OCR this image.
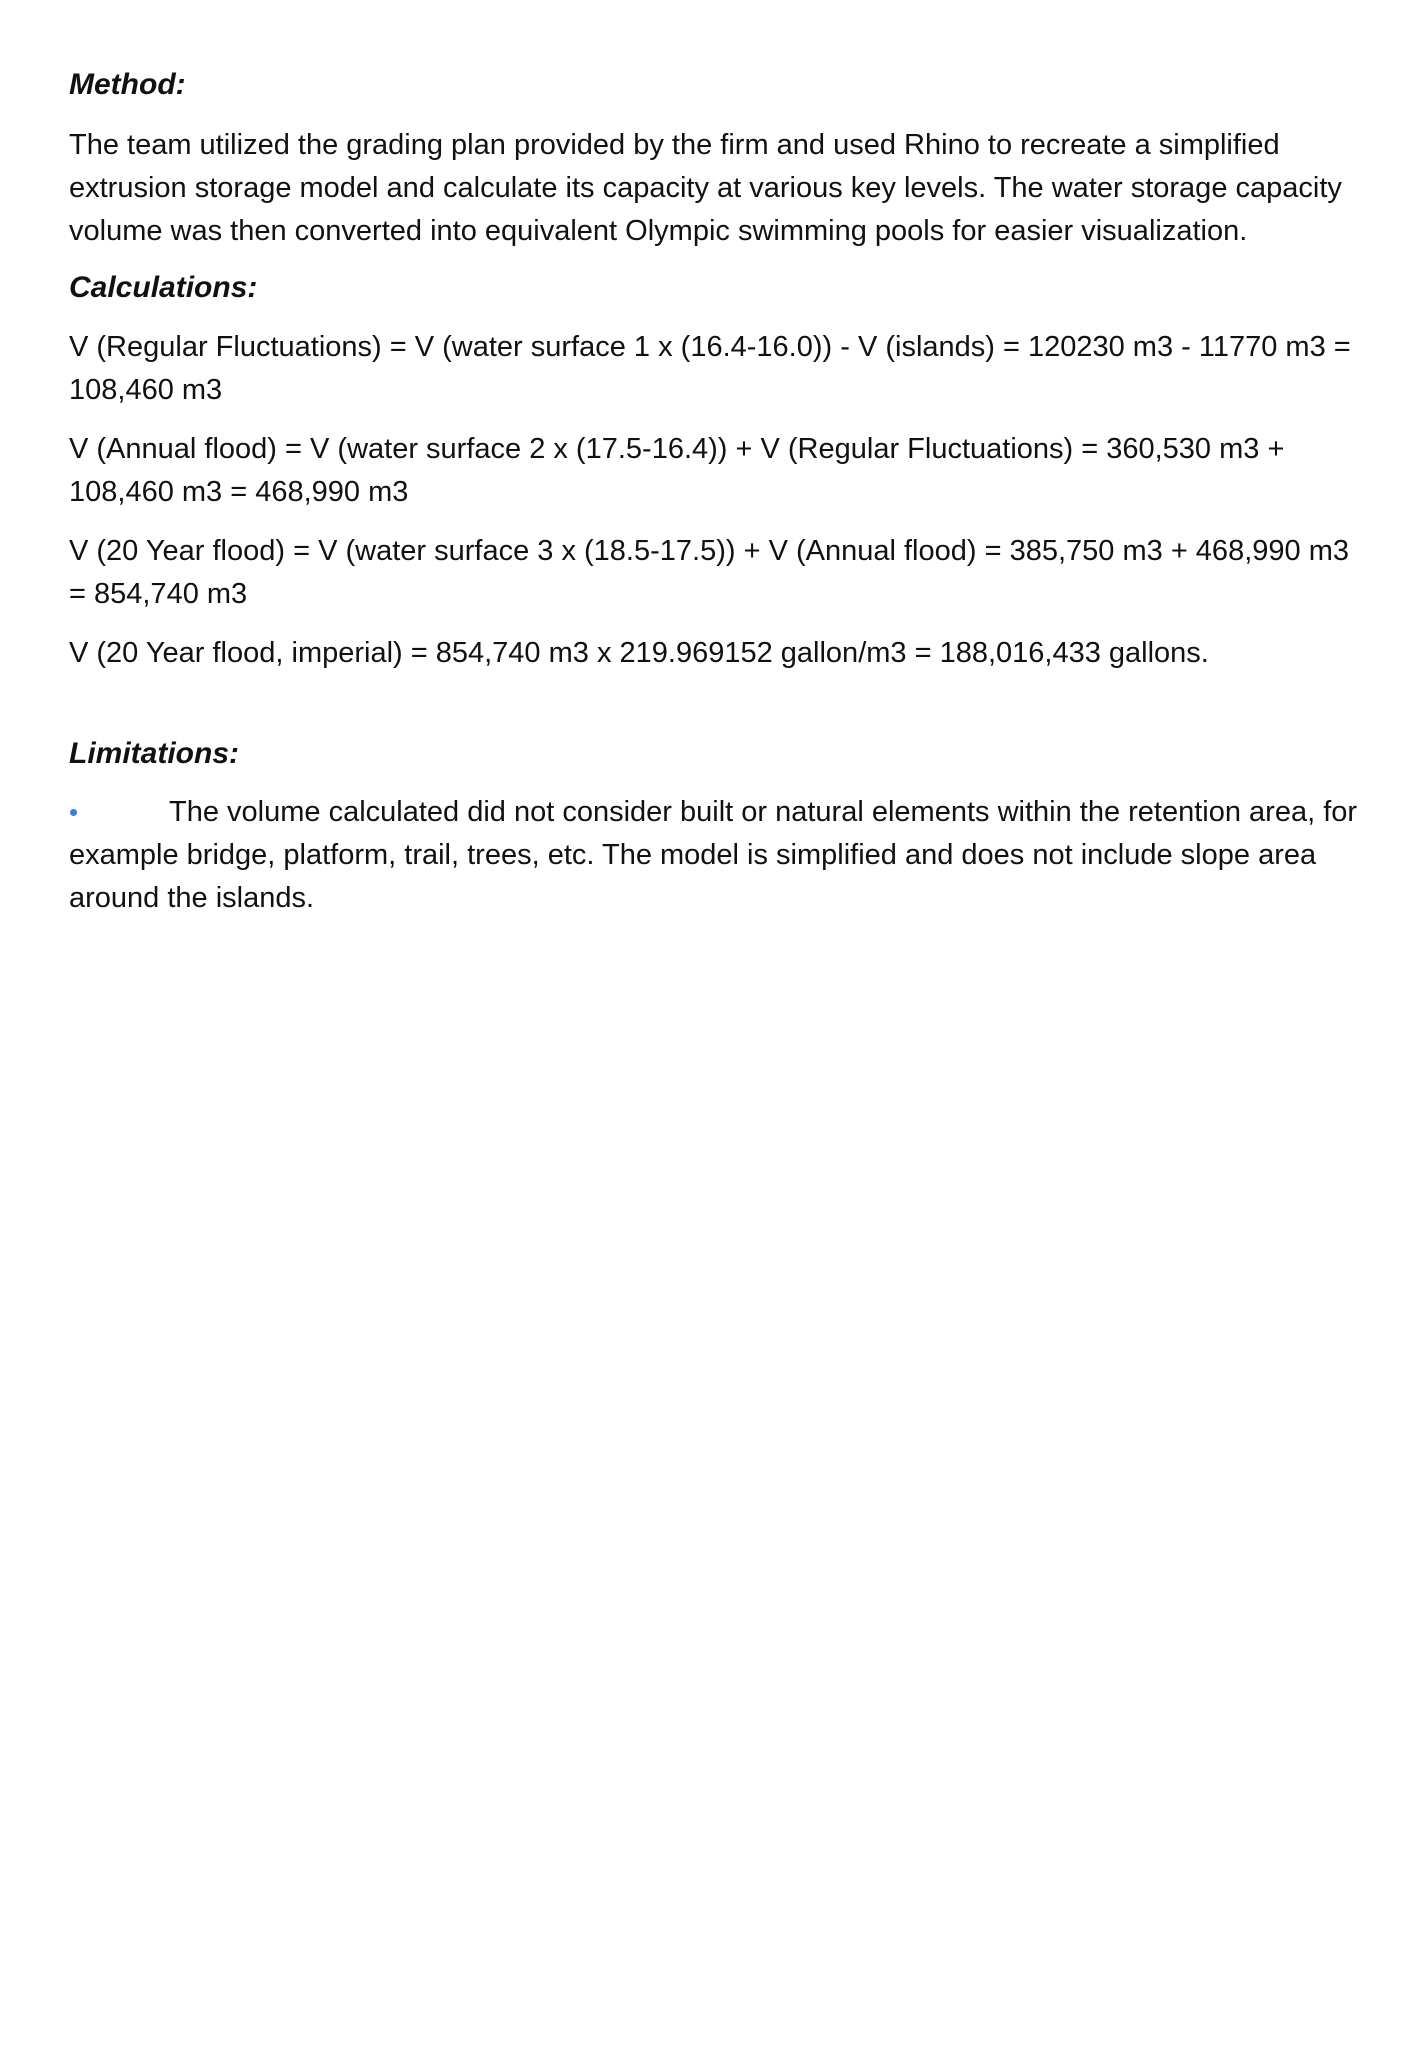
Method:

The team utilized the grading plan provided by the firm and used Rhino to recreate a simplified extrusion storage model and calculate its capacity at various key levels. The water storage capacity volume was then converted into equivalent Olympic swimming pools for easier visualization.

Calculations:

V (Regular Fluctuations) = V (water surface 1 x (16.4-16.0)) - V (islands) = 120230 m3 - 11770 m3 = 108,460 m3

V (Annual flood) = V (water surface 2 x (17.5-16.4)) + V (Regular Fluctuations) = 360,530 m3 + 108,460 m3 = 468,990 m3

V (20 Year flood) = V (water surface 3 x (18.5-17.5)) + V (Annual flood) = 385,750 m3 + 468,990 m3 = 854,740 m3

V (20 Year flood, imperial) = 854,740 m3 x 219.969152 gallon/m3 = 188,016,433 gallons.

Limitations:

•	The volume calculated did not consider built or natural elements within the retention area, for example bridge, platform, trail, trees, etc. The model is simplified and does not include slope area around the islands.
